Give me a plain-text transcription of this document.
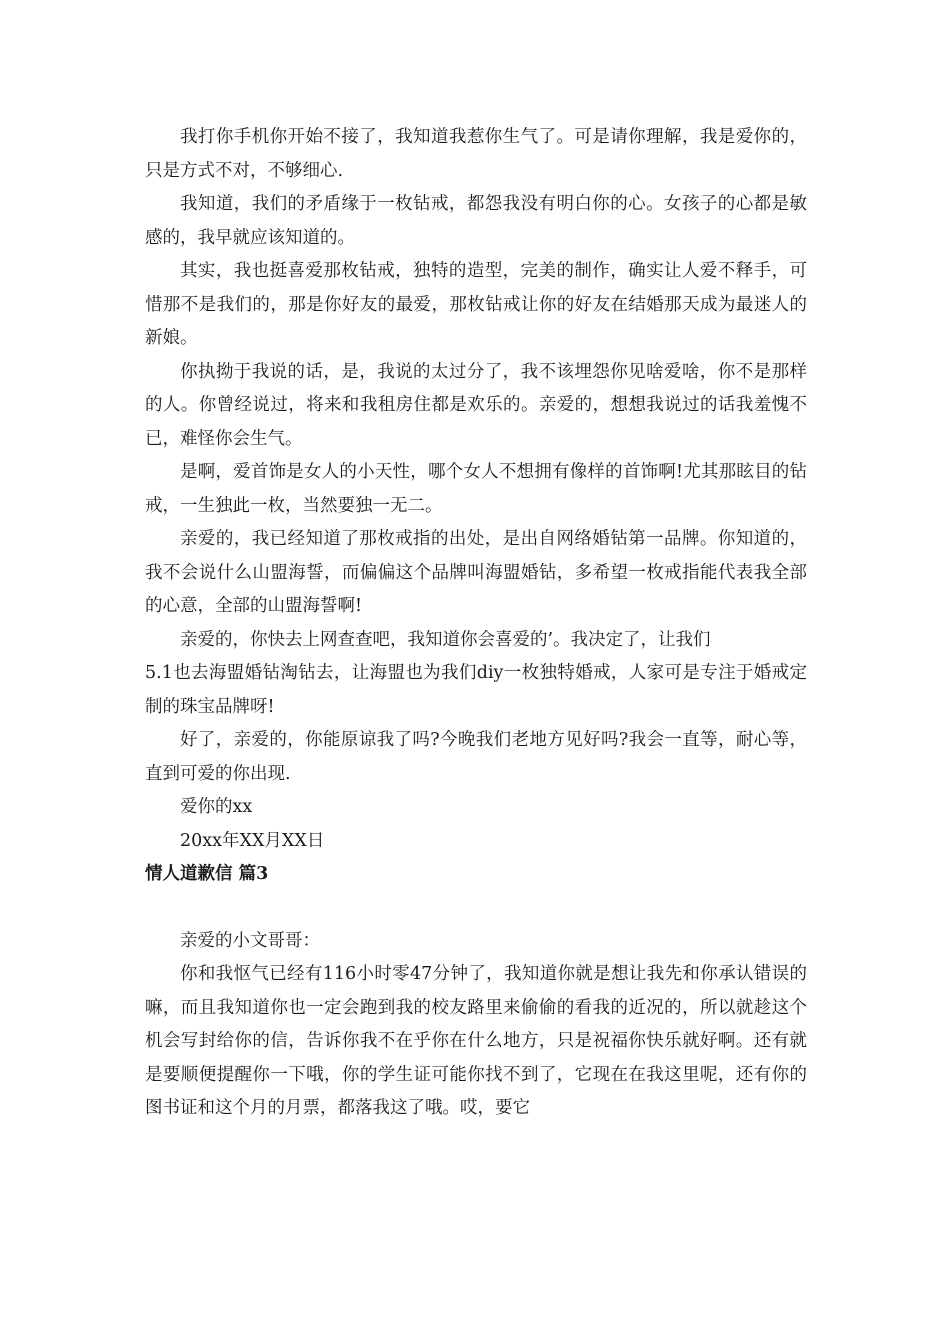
我打你手机你开始不接了，我知道我惹你生气了。可是请你理解，我是爱你的，只是方式不对，不够细心.

我知道，我们的矛盾缘于一枚钻戒，都怨我没有明白你的心。女孩子的心都是敏感的，我早就应该知道的。

其实，我也挺喜爱那枚钻戒，独特的造型，完美的制作，确实让人爱不释手，可惜那不是我们的，那是你好友的最爱，那枚钻戒让你的好友在结婚那天成为最迷人的新娘。

你执拗于我说的话，是，我说的太过分了，我不该埋怨你见啥爱啥，你不是那样的人。你曾经说过，将来和我租房住都是欢乐的。亲爱的，想想我说过的话我羞愧不已，难怪你会生气。

是啊，爱首饰是女人的小天性，哪个女人不想拥有像样的首饰啊!尤其那眩目的钻戒，一生独此一枚，当然要独一无二。

亲爱的，我已经知道了那枚戒指的出处，是出自网络婚钻第一品牌。你知道的，我不会说什么山盟海誓，而偏偏这个品牌叫海盟婚钻，多希望一枚戒指能代表我全部的心意，全部的山盟海誓啊!

亲爱的，你快去上网查查吧，我知道你会喜爱的’。我决定了，让我们

5.1也去海盟婚钻淘钻去，让海盟也为我们diy一枚独特婚戒，人家可是专注于婚戒定制的珠宝品牌呀!

好了，亲爱的，你能原谅我了吗?今晚我们老地方见好吗?我会一直等，耐心等，直到可爱的你出现.

爱你的xx

20xx年XX月XX日

情人道歉信 篇3

亲爱的小文哥哥：

你和我怄气已经有116小时零47分钟了，我知道你就是想让我先和你承认错误的嘛，而且我知道你也一定会跑到我的校友路里来偷偷的看我的近况的，所以就趁这个机会写封给你的信，告诉你我不在乎你在什么地方，只是祝福你快乐就好啊。还有就是要顺便提醒你一下哦，你的学生证可能你找不到了，它现在在我这里呢，还有你的图书证和这个月的月票，都落我这了哦。哎，要它
